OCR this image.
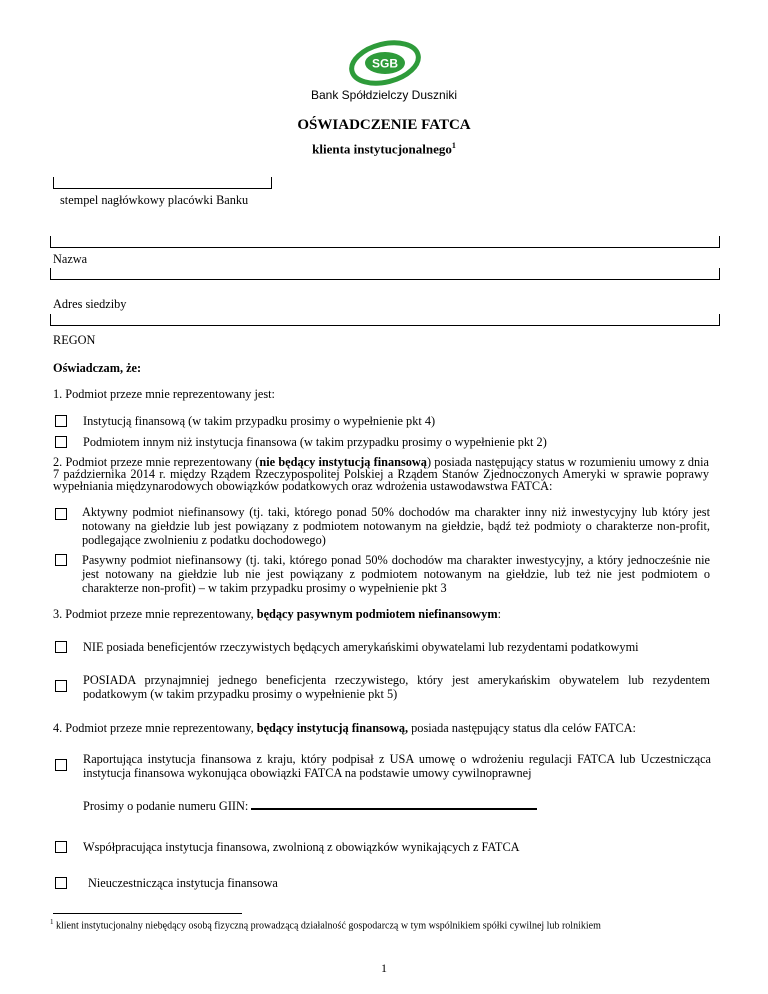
SGB
Bank Spółdzielczy Duszniki
OŚWIADCZENIE FATCA
klienta instytucjonalnego$^1$
stempel nagłówkowy placówki Banku
Nazwa
Adres siedziby
REGON
Oświadczam, że:
1. Podmiot przeze mnie reprezentowany jest:
Instytucją finansową (w takim przypadku prosimy o wypełnienie pkt 4)
Podmiotem innym niż instytucja finansowa (w takim przypadku prosimy o wypełnienie pkt 2)
2. Podmiot przeze mnie reprezentowany (nie będący instytucją finansową) posiada następujący status w rozumieniu umowy z dnia 7 października 2014 r. między Rządem Rzeczypospolitej Polskiej a Rządem Stanów Zjednoczonych Ameryki w sprawie poprawy wypełniania międzynarodowych obowiązków podatkowych oraz wdrożenia ustawodawstwa FATCA:
Aktywny podmiot niefinansowy (tj. taki, którego ponad 50% dochodów ma charakter inny niż inwestycyjny lub który jest notowany na giełdzie lub jest powiązany z podmiotem notowanym na giełdzie, bądź też podmioty o charakterze non-profit, podlegające zwolnieniu z podatku dochodowego)
Pasywny podmiot niefinansowy (tj. taki, którego ponad 50% dochodów ma charakter inwestycyjny, a który jednocześnie nie jest notowany na giełdzie lub nie jest powiązany z podmiotem notowanym na giełdzie, lub też nie jest podmiotem o charakterze non-profit) – w takim przypadku prosimy o wypełnienie pkt 3
3. Podmiot przeze mnie reprezentowany, będący pasywnym podmiotem niefinansowym:
NIE posiada beneficjentów rzeczywistych będących amerykańskimi obywatelami lub rezydentami podatkowymi
POSIADA przynajmniej jednego beneficjenta rzeczywistego, który jest amerykańskim obywatelem lub rezydentem podatkowym (w takim przypadku prosimy o wypełnienie pkt 5)
4. Podmiot przeze mnie reprezentowany, będący instytucją finansową, posiada następujący status dla celów FATCA:
Raportująca instytucja finansowa z kraju, który podpisał z USA umowę o wdrożeniu regulacji FATCA lub Uczestnicząca instytucja finansowa wykonująca obowiązki FATCA na podstawie umowy cywilnoprawnej
Prosimy o podanie numeru GIIN:
Współpracująca instytucja finansowa, zwolnioną z obowiązków wynikających z FATCA
Nieuczestnicząca instytucja finansowa
$^1$ klient instytucjonalny niebędący osobą fizyczną prowadzącą działalność gospodarczą w tym wspólnikiem spółki cywilnej lub rolnikiem
1
